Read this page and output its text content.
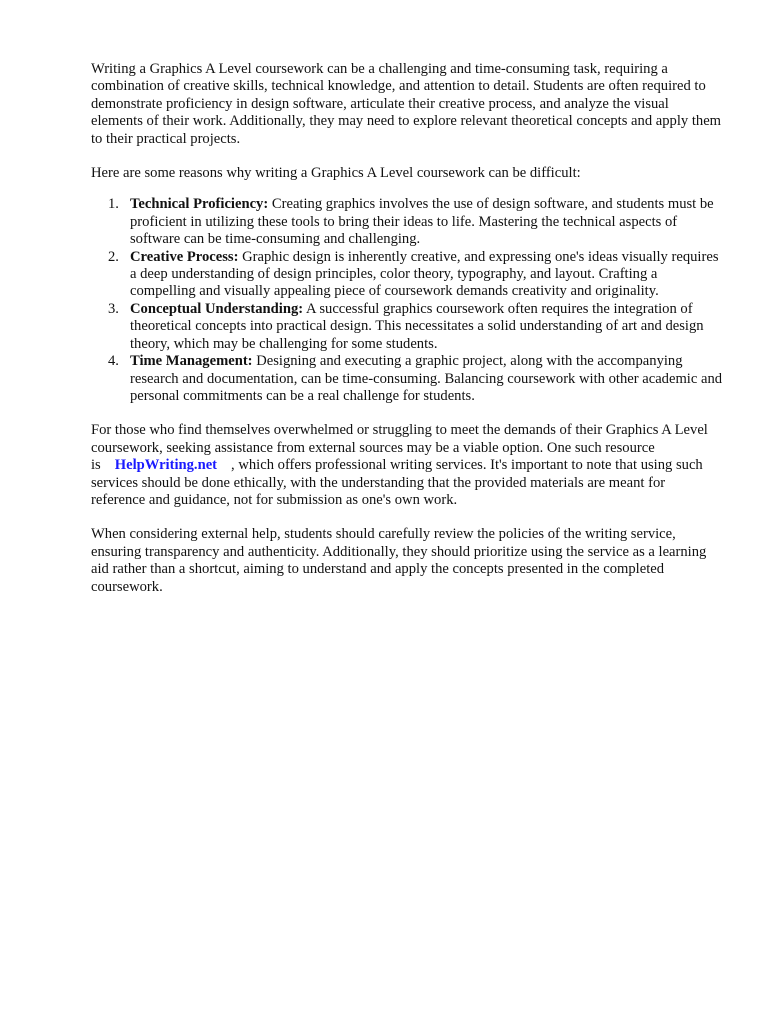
Writing a Graphics A Level coursework can be a challenging and time-consuming task, requiring a combination of creative skills, technical knowledge, and attention to detail. Students are often required to demonstrate proficiency in design software, articulate their creative process, and analyze the visual elements of their work. Additionally, they may need to explore relevant theoretical concepts and apply them to their practical projects.

Here are some reasons why writing a Graphics A Level coursework can be difficult:

1. Technical Proficiency: Creating graphics involves the use of design software, and students must be proficient in utilizing these tools to bring their ideas to life. Mastering the technical aspects of software can be time-consuming and challenging.
2. Creative Process: Graphic design is inherently creative, and expressing one's ideas visually requires a deep understanding of design principles, color theory, typography, and layout. Crafting a compelling and visually appealing piece of coursework demands creativity and originality.
3. Conceptual Understanding: A successful graphics coursework often requires the integration of theoretical concepts into practical design. This necessitates a solid understanding of art and design theory, which may be challenging for some students.
4. Time Management: Designing and executing a graphic project, along with the accompanying research and documentation, can be time-consuming. Balancing coursework with other academic and personal commitments can be a real challenge for students.

For those who find themselves overwhelmed or struggling to meet the demands of their Graphics A Level coursework, seeking assistance from external sources may be a viable option. One such resource is HelpWriting.net , which offers professional writing services. It's important to note that using such services should be done ethically, with the understanding that the provided materials are meant for reference and guidance, not for submission as one's own work.

When considering external help, students should carefully review the policies of the writing service, ensuring transparency and authenticity. Additionally, they should prioritize using the service as a learning aid rather than a shortcut, aiming to understand and apply the concepts presented in the completed coursework.
